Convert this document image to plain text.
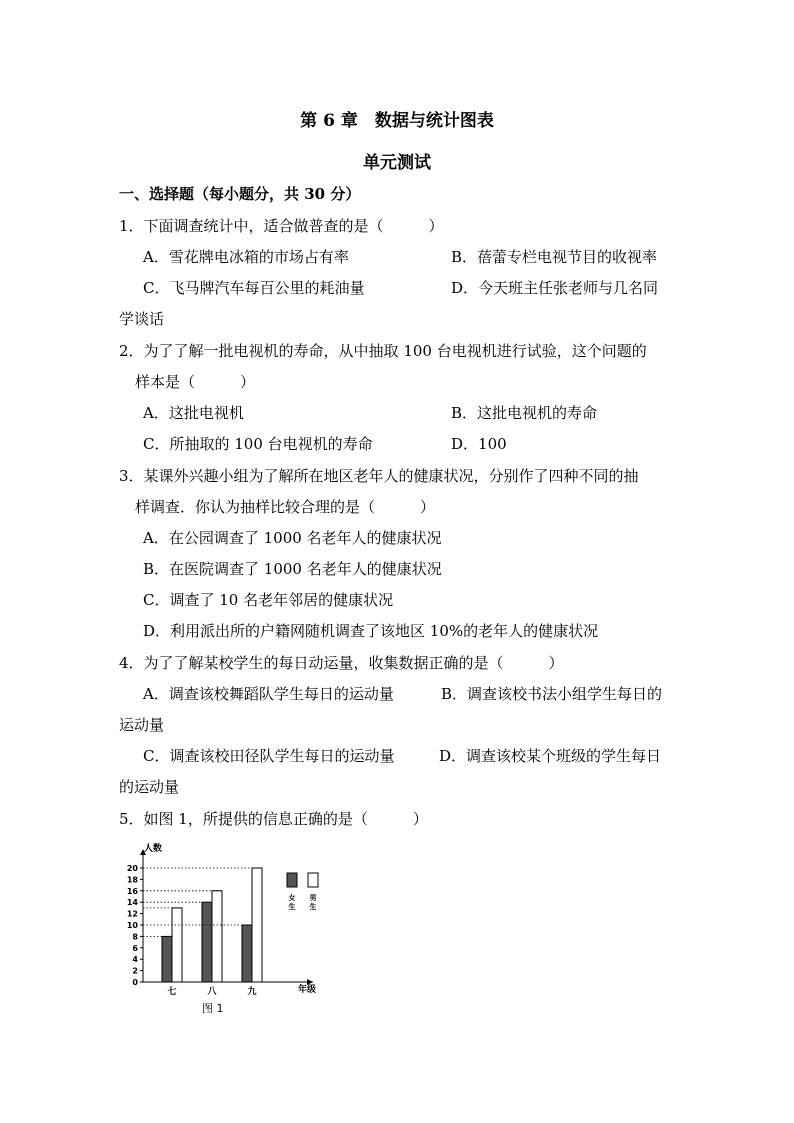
第 6 章　数据与统计图表
单元测试
一、选择题（每小题分，共 30 分）
1．下面调查统计中，适合做普查的是（　　　）
A．雪花牌电冰箱的市场占有率	B．蓓蕾专栏电视节目的收视率
C．飞马牌汽车每百公里的耗油量	D．今天班主任张老师与几名同
学谈话
2．为了了解一批电视机的寿命，从中抽取 100 台电视机进行试验，这个问题的
样本是（　　　）
A．这批电视机	B．这批电视机的寿命
C．所抽取的 100 台电视机的寿命	D．100
3．某课外兴趣小组为了解所在地区老年人的健康状况，分别作了四种不同的抽
样调查．你认为抽样比较合理的是（　　　）
A．在公园调查了 1000 名老年人的健康状况
B．在医院调查了 1000 名老年人的健康状况
C．调查了 10 名老年邻居的健康状况
D．利用派出所的户籍网随机调查了该地区 10%的老年人的健康状况
4．为了了解某校学生的每日动运量，收集数据正确的是（　　　）
A．调查该校舞蹈队学生每日的运动量	B．调查该校书法小组学生每日的
运动量
C．调查该校田径队学生每日的运动量	D．调查该校某个班级的学生每日
的运动量
5．如图 1，所提供的信息正确的是（　　　）
人数
年级
图 1
0
2
4
6
8
10
12
14
16
18
20
七	八	九
女
生
男
生
